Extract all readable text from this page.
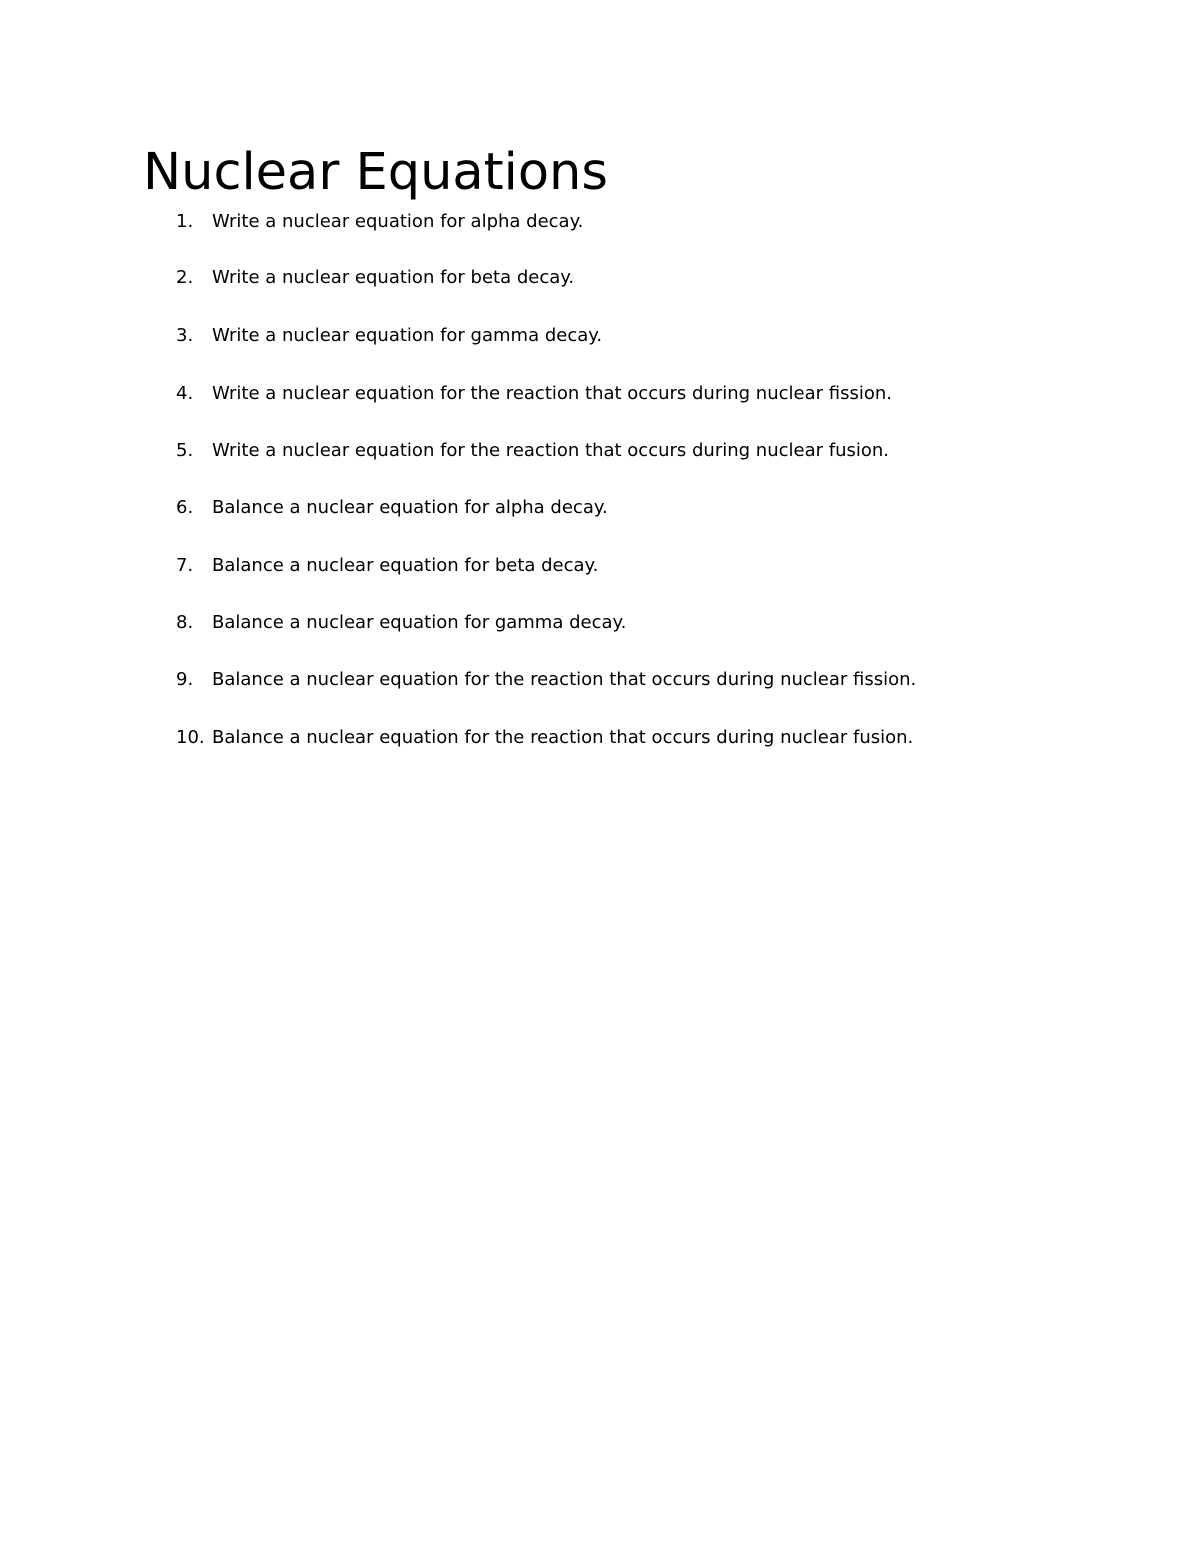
Nuclear Equations
1. Write a nuclear equation for alpha decay.
2. Write a nuclear equation for beta decay.
3. Write a nuclear equation for gamma decay.
4. Write a nuclear equation for the reaction that occurs during nuclear fission.
5. Write a nuclear equation for the reaction that occurs during nuclear fusion.
6. Balance a nuclear equation for alpha decay.
7. Balance a nuclear equation for beta decay.
8. Balance a nuclear equation for gamma decay.
9. Balance a nuclear equation for the reaction that occurs during nuclear fission.
10. Balance a nuclear equation for the reaction that occurs during nuclear fusion.
